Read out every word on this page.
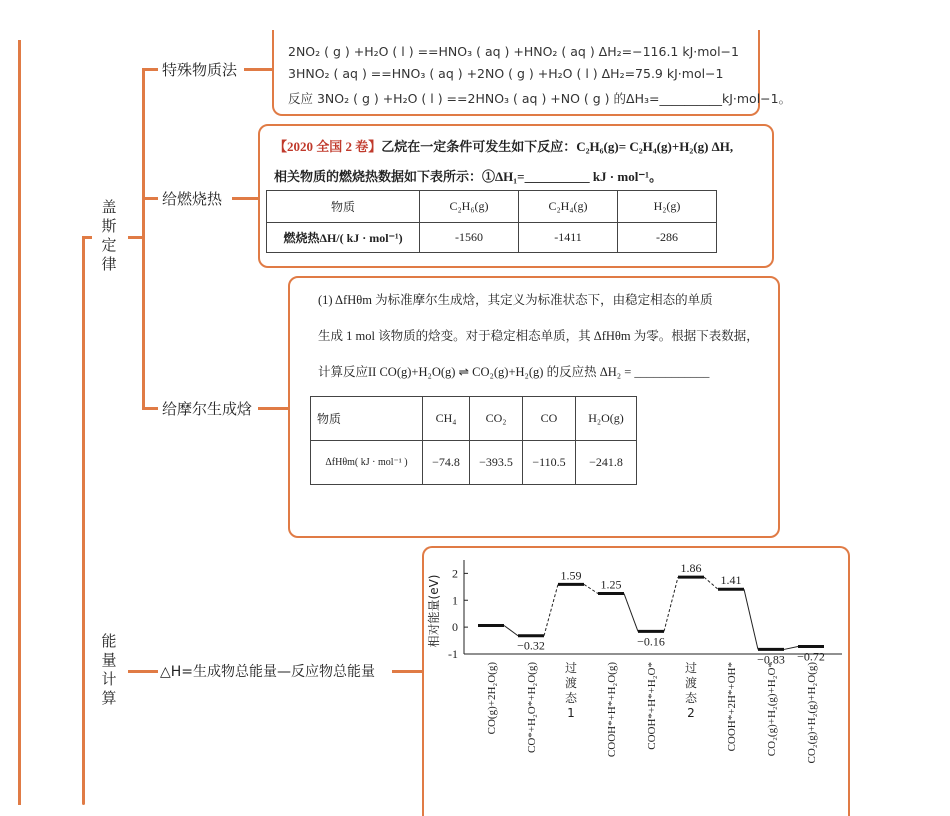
盖斯定律
能量计算
特殊物质法
给燃烧热
给摩尔生成焓
△H=生成物总能量—反应物总能量
2NO₂ ( g ) +H₂O ( l ) ==HNO₃ ( aq ) +HNO₂ ( aq ) ΔH₂=−116.1 kJ·mol−1
3HNO₂ ( aq ) ==HNO₃ ( aq ) +2NO ( g ) +H₂O ( l ) ΔH₂=75.9 kJ·mol−1
反应 3NO₂ ( g ) +H₂O ( l ) ==2HNO₃ ( aq ) +NO ( g ) 的ΔH₃=__________kJ·mol−1。
【2020 全国 2 卷】乙烷在一定条件可发生如下反应：C₂H₆(g)= C₂H₄(g)+H₂(g) ΔH,
相关物质的燃烧热数据如下表所示：①ΔH₁=__________ kJ · mol⁻¹。
物质	C₂H₆(g)	C₂H₄(g)	H₂(g)
燃烧热ΔH/( kJ · mol⁻¹)	-1560	-1411	-286
(1) ΔfHθm 为标准摩尔生成焓，其定义为标准状态下，由稳定相态的单质
生成 1 mol 该物质的焓变。对于稳定相态单质，其 ΔfHθm 为零。根据下表数据，
计算反应II CO(g)+H₂O(g) ⇌ CO₂(g)+H₂(g) 的反应热 ΔH₂ = ____________
物质	CH₄	CO₂	CO	H₂O(g)
ΔfHθm( kJ · mol⁻¹ )	−74.8	−393.5	−110.5	−241.8
2
1
0
-1
相对能量(eV)	−0.32
1.59
1.25
−0.16
1.86
1.41
−0.83 −0.72
CO(g)+2H₂O(g)	CO*+H₂O*+H₂O(g) 过
渡
态
1	COOH*+H*+H₂O(g)	COOH*+H*+H₂O* 过
渡
态
2	COOH*+2H*+OH*	CO₂(g)+H₂(g)+H₂O*	CO₂(g)+H₂(g)+H₂O(g)
